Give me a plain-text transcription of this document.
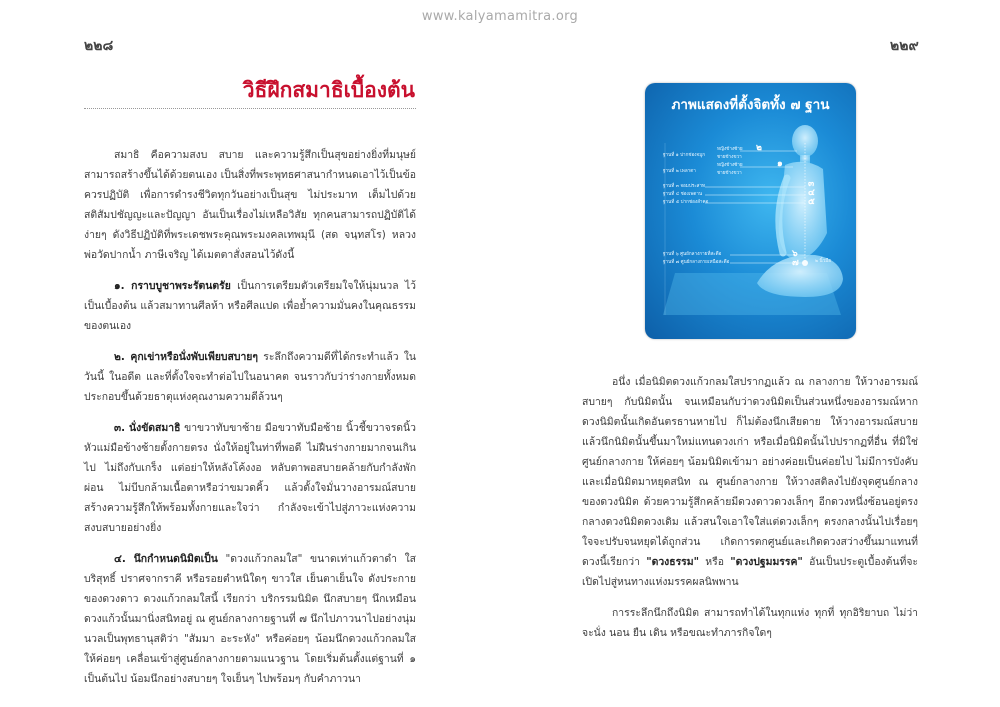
www.kalyamamitra.org
๒๒๘	๒๒๙
วิธีฝึกสมาธิเบื้องต้น

สมาธิ คือความสงบ สบาย และความรู้สึกเป็นสุขอย่างยิ่งที่มนุษย์สามารถสร้างขึ้นได้ด้วยตนเอง เป็นสิ่งที่พระพุทธศาสนากำหนดเอาไว้เป็นข้อควรปฏิบัติ เพื่อการดำรงชีวิตทุกวันอย่างเป็นสุข ไม่ประมาท เต็มไปด้วยสติสัมปชัญญะและปัญญา อันเป็นเรื่องไม่เหลือวิสัย ทุกคนสามารถปฏิบัติได้ง่ายๆ ดังวิธีปฏิบัติที่พระเดชพระคุณพระมงคลเทพมุนี (สด จนฺทสโร) หลวงพ่อวัดปากน้ำ ภาษีเจริญ ได้เมตตาสั่งสอนไว้ดังนี้

๑. กราบบูชาพระรัตนตรัย เป็นการเตรียมตัวเตรียมใจให้นุ่มนวล ไว้เป็นเบื้องต้น แล้วสมาทานศีลห้า หรือศีลแปด เพื่อย้ำความมั่นคงในคุณธรรมของตนเอง

๒. คุกเข่าหรือนั่งพับเพียบสบายๆ ระลึกถึงความดีที่ได้กระทำแล้ว ในวันนี้ ในอดีต และที่ตั้งใจจะทำต่อไปในอนาคต จนราวกับว่าร่างกายทั้งหมดประกอบขึ้นด้วยธาตุแห่งคุณงามความดีล้วนๆ

๓. นั่งขัดสมาธิ ขาขวาทับขาซ้าย มือขวาทับมือซ้าย นิ้วชี้ขวาจรดนิ้วหัวแม่มือข้างซ้ายตั้งกายตรง นั่งให้อยู่ในท่าที่พอดี ไม่ฝืนร่างกายมากจนเกินไป ไม่ถึงกับเกร็ง แต่อย่าให้หลังโค้งงอ หลับตาพอสบายคล้ายกับกำลังพักผ่อน ไม่บีบกล้ามเนื้อตาหรือว่าขมวดคิ้ว แล้วตั้งใจมั่นวางอารมณ์สบาย สร้างความรู้สึกให้พร้อมทั้งกายและใจว่า กำลังจะเข้าไปสู่ภาวะแห่งความสงบสบายอย่างยิ่ง

๔. นึกกำหนดนิมิตเป็น "ดวงแก้วกลมใส" ขนาดเท่าแก้วตาดำ ใสบริสุทธิ์ ปราศจากราคี หรือรอยตำหนิใดๆ ขาวใส เย็นตาเย็นใจ ดังประกายของดวงดาว ดวงแก้วกลมใสนี้ เรียกว่า บริกรรมนิมิต นึกสบายๆ นึกเหมือนดวงแก้วนั้นมานิ่งสนิทอยู่ ณ ศูนย์กลางกายฐานที่ ๗ นึกไปภาวนาไปอย่างนุ่มนวลเป็นพุทธานุสติว่า "สัมมา อะระหัง" หรือค่อยๆ น้อมนึกดวงแก้วกลมใสให้ค่อยๆ เคลื่อนเข้าสู่ศูนย์กลางกายตามแนวฐาน โดยเริ่มต้นตั้งแต่ฐานที่ ๑ เป็นต้นไป น้อมนึกอย่างสบายๆ ใจเย็นๆ ไปพร้อมๆ กับคำภาวนา

ภาพแสดงที่ตั้งจิตทั้ง ๗ ฐาน
ฐานที่ ๑ ปากช่องจมูก
หญิงข้างซ้าย
ชายข้างขวา
ฐานที่ ๒ เพลาตา
หญิงข้างซ้าย
ชายข้างขวา
ฐานที่ ๓ จอมประสาท
ฐานที่ ๔ ช่องเพดาน
ฐานที่ ๕ ปากช่องลำคอ
ฐานที่ ๖ ศูนย์กลางกายที่สะดือ
ฐานที่ ๗ ศูนย์กลางกายเหนือสะดือ	๒ นิ้วมือ
๒
๑
๓
๔
๕
๖
๗

อนึ่ง เมื่อนิมิตดวงแก้วกลมใสปรากฏแล้ว ณ กลางกาย ให้วางอารมณ์สบายๆ กับนิมิตนั้น จนเหมือนกับว่าดวงนิมิตเป็นส่วนหนึ่งของอารมณ์หากดวงนิมิตนั้นเกิดอันตรธานหายไป ก็ไม่ต้องนึกเสียดาย ให้วางอารมณ์สบาย แล้วนึกนิมิตนั้นขึ้นมาใหม่แทนดวงเก่า หรือเมื่อนิมิตนั้นไปปรากฏที่อื่น ที่มิใช่ศูนย์กลางกาย ให้ค่อยๆ น้อมนิมิตเข้ามา อย่างค่อยเป็นค่อยไป ไม่มีการบังคับ และเมื่อนิมิตมาหยุดสนิท ณ ศูนย์กลางกาย ให้วางสติลงไปยังจุดศูนย์กลางของดวงนิมิต ด้วยความรู้สึกคล้ายมีดวงดาวดวงเล็กๆ อีกดวงหนึ่งซ้อนอยู่ตรงกลางดวงนิมิตดวงเดิม แล้วสนใจเอาใจใส่แต่ดวงเล็กๆ ตรงกลางนั้นไปเรื่อยๆ ใจจะปรับจนหยุดได้ถูกส่วน เกิดการตกศูนย์และเกิดดวงสว่างขึ้นมาแทนที่ ดวงนี้เรียกว่า "ดวงธรรม" หรือ "ดวงปฐมมรรค" อันเป็นประตูเบื้องต้นที่จะเปิดไปสู่หนทางแห่งมรรคผลนิพพาน

การระลึกนึกถึงนิมิต สามารถทำได้ในทุกแห่ง ทุกที่ ทุกอิริยาบถ ไม่ว่าจะนั่ง นอน ยืน เดิน หรือขณะทำภารกิจใดๆ
